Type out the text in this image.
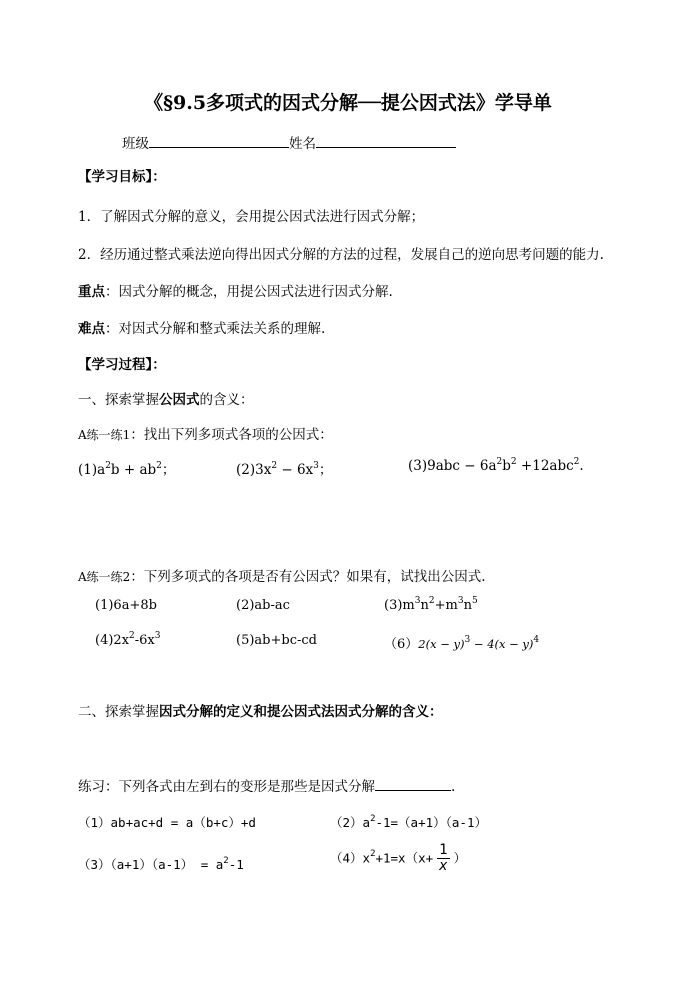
《§9.5多项式的因式分解──提公因式法》学导单
班级	姓名
【学习目标】：
1．了解因式分解的意义，会用提公因式法进行因式分解；
2．经历通过整式乘法逆向得出因式分解的方法的过程，发展自己的逆向思考问题的能力.
重点：因式分解的概念，用提公因式法进行因式分解.
难点：对因式分解和整式乘法关系的理解.
【学习过程】：
一、探索掌握公因式的含义：
A练一练1：找出下列多项式各项的公因式：
$(1)a^2b + ab^2$；	$(2)3x^2 - 6x^3$；	$(3)9abc - 6a^2b^2 +12abc^2$.
A练一练2：下列多项式的各项是否有公因式？如果有，试找出公因式.
(1)6a+8b	(2)ab-ac	$(3)m^3n^2+m^3n^5$
$(4)2x^2-6x^3$	(5)ab+bc-cd	$(6)2(x - y)^3 - 4(x - y)^4$
二、探索掌握因式分解的定义和提公因式法因式分解的含义：
练习：下列各式由左到右的变形是那些是因式分解	.
（1）ab+ac+d = a（b+c）+d	$(2)a^2-1=(a+1)(a-1)$
$(3)(a+1)(a-1) = a^2-1$	$(4)x^2+1=x(x+ \frac{1}{x}$ ）
